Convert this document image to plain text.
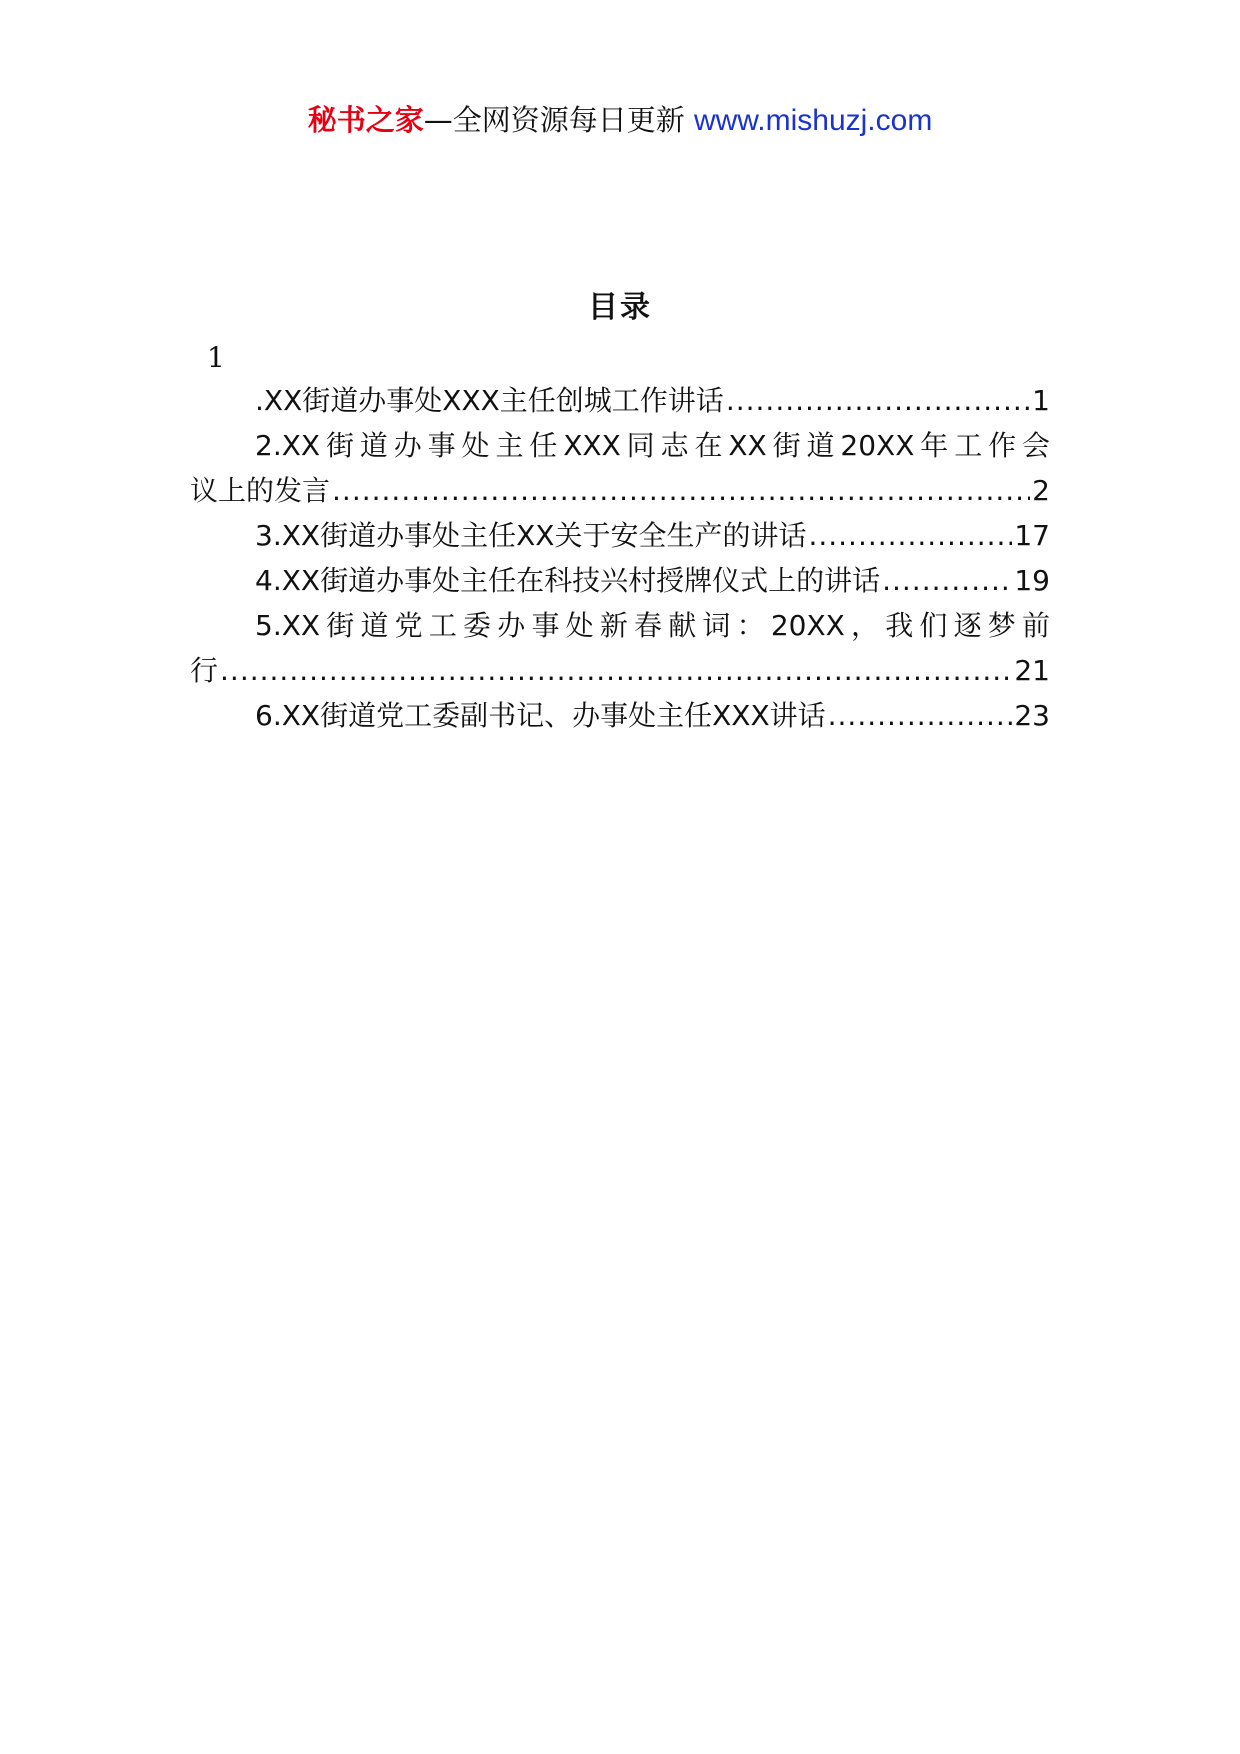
秘书之家—全网资源每日更新 www.mishuzj.com
目录
1
.XX街道办事处XXX主任创城工作讲话 .....	1
2.XX街道办事处主任XXX同志在XX街道20XX年工作会
议上的发言 .....	2
3.XX街道办事处主任XX关于安全生产的讲话 .....	17
4.XX街道办事处主任在科技兴村授牌仪式上的讲话 .....	19
5.XX街道党工委办事处新春献词：20XX，我们逐梦前
行 .....	21
6.XX街道党工委副书记、办事处主任XXX讲话 .....	23
